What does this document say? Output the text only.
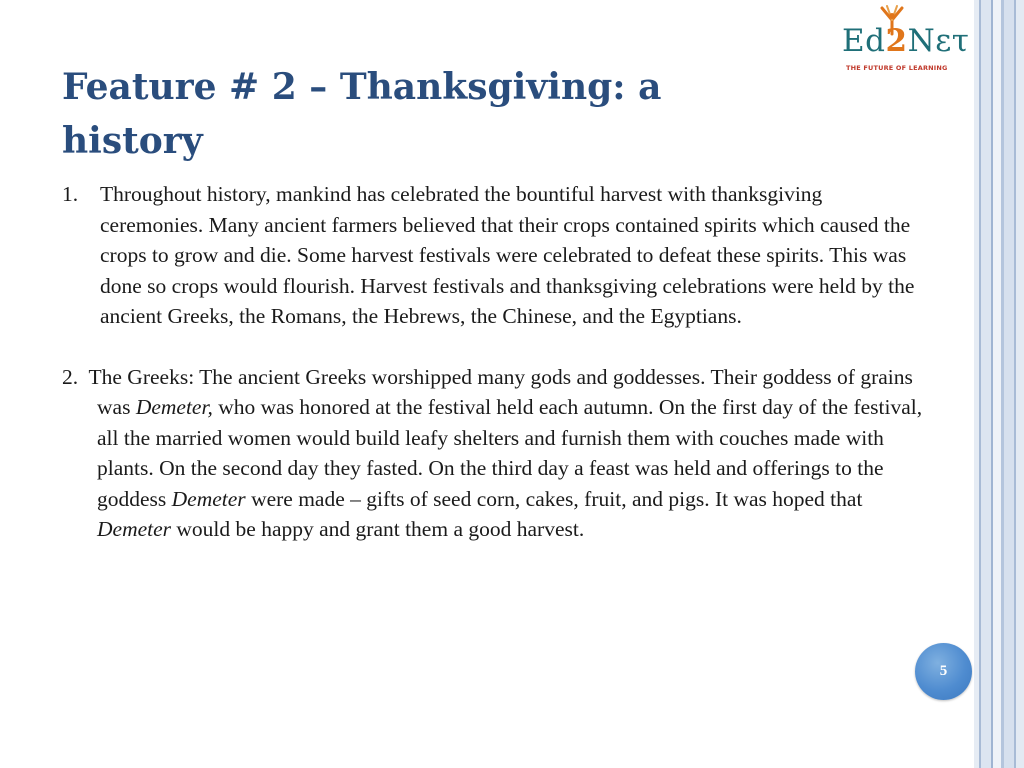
Ed2Nετ
THE FUTURE OF LEARNING
Feature # 2 – Thanksgiving: a history

1. Throughout history, mankind has celebrated the bountiful harvest with thanksgiving ceremonies. Many ancient farmers believed that their crops contained spirits which caused the crops to grow and die. Some harvest festivals were celebrated to defeat these spirits. This was done so crops would flourish. Harvest festivals and thanksgiving celebrations were held by the ancient Greeks, the Romans, the Hebrews, the Chinese, and the Egyptians.

2. The Greeks: The ancient Greeks worshipped many gods and goddesses. Their goddess of grains was Demeter, who was honored at the festival held each autumn. On the first day of the festival, all the married women would build leafy shelters and furnish them with couches made with plants. On the second day they fasted. On the third day a feast was held and offerings to the goddess Demeter were made – gifts of seed corn, cakes, fruit, and pigs. It was hoped that Demeter would be happy and grant them a good harvest.

5
